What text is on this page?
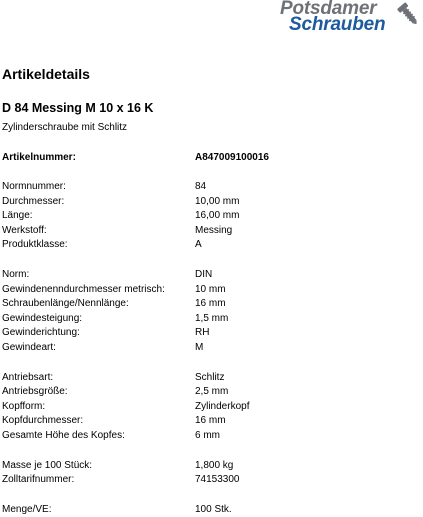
Potsdamer
Schrauben
Artikeldetails
D 84 Messing M 10 x 16 K
Zylinderschraube mit Schlitz
Artikelnummer:	A847009100016
Normnummer:	84
Durchmesser:	10,00 mm
Länge:	16,00 mm
Werkstoff:	Messing
Produktklasse:	A
Norm:	DIN
Gewindenenndurchmesser metrisch:	10 mm
Schraubenlänge/Nennlänge:	16 mm
Gewindesteigung:	1,5 mm
Gewinderichtung:	RH
Gewindeart:	M
Antriebsart:	Schlitz
Antriebsgröße:	2,5 mm
Kopfform:	Zylinderkopf
Kopfdurchmesser:	16 mm
Gesamte Höhe des Kopfes:	6 mm
Masse je 100 Stück:	1,800 kg
Zolltarifnummer:	74153300
Menge/VE:	100 Stk.
